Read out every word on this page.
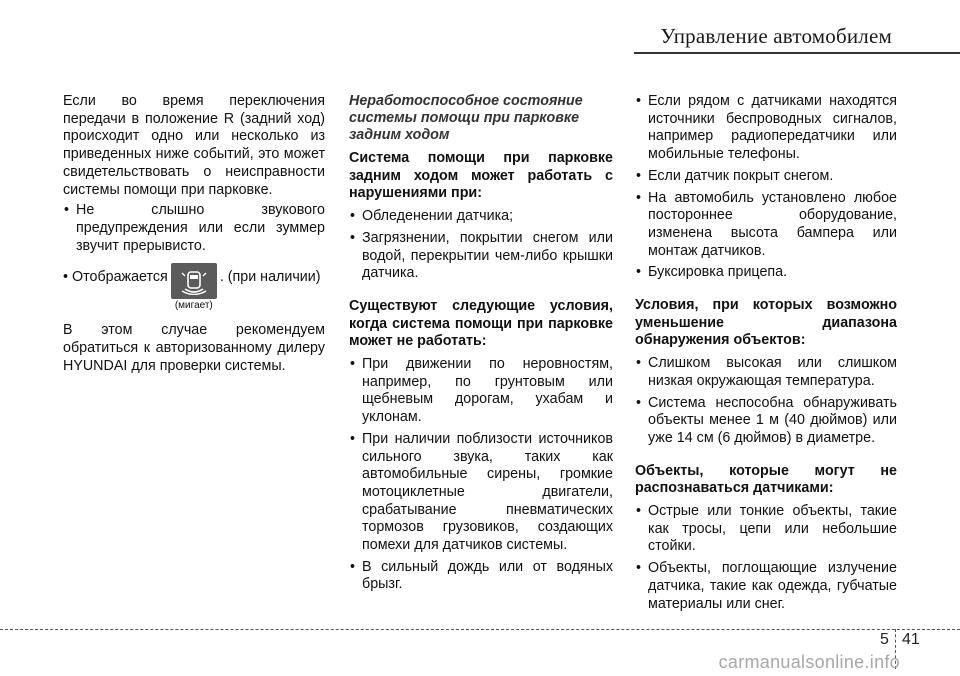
Управление автомобилем

Если во время переключения передачи в положение R (задний ход) происходит одно или несколько из приведенных ниже событий, это может свидетельствовать о неисправности системы помощи при парковке.

• Не слышно звукового предупреждения или если зуммер звучит прерывисто.
• Отображается
(мигает)
. (при наличии)

В этом случае рекомендуем обратиться к авторизованному дилеру HYUNDAI для проверки системы.

Неработоспособное состояние системы помощи при парковке задним ходом

Система помощи при парковке задним ходом может работать с нарушениями при:

• Обледенении датчика;
• Загрязнении, покрытии снегом или водой, перекрытии чем-либо крышки датчика.

Существуют следующие условия, когда система помощи при парковке может не работать:

• При движении по неровностям, например, по грунтовым или щебневым дорогам, ухабам и уклонам.
• При наличии поблизости источников сильного звука, таких как автомобильные сирены, громкие мотоциклетные двигатели, срабатывание пневматических тормозов грузовиков, создающих помехи для датчиков системы.
• В сильный дождь или от водяных брызг.
• Если рядом с датчиками находятся источники беспроводных сигналов, например радиопередатчики или мобильные телефоны.
• Если датчик покрыт снегом.
• На автомобиль установлено любое постороннее оборудование, изменена высота бампера или монтаж датчиков.
• Буксировка прицепа.

Условия, при которых возможно уменьшение диапазона обнаружения объектов:

• Слишком высокая или слишком низкая окружающая температура.
• Система неспособна обнаруживать объекты менее 1 м (40 дюймов) или уже 14 см (6 дюймов) в диаметре.

Объекты, которые могут не распознаваться датчиками:

• Острые или тонкие объекты, такие как тросы, цепи или небольшие стойки.
• Объекты, поглощающие излучение датчика, такие как одежда, губчатые материалы или снег.
5 41
carmanualsonline.info
